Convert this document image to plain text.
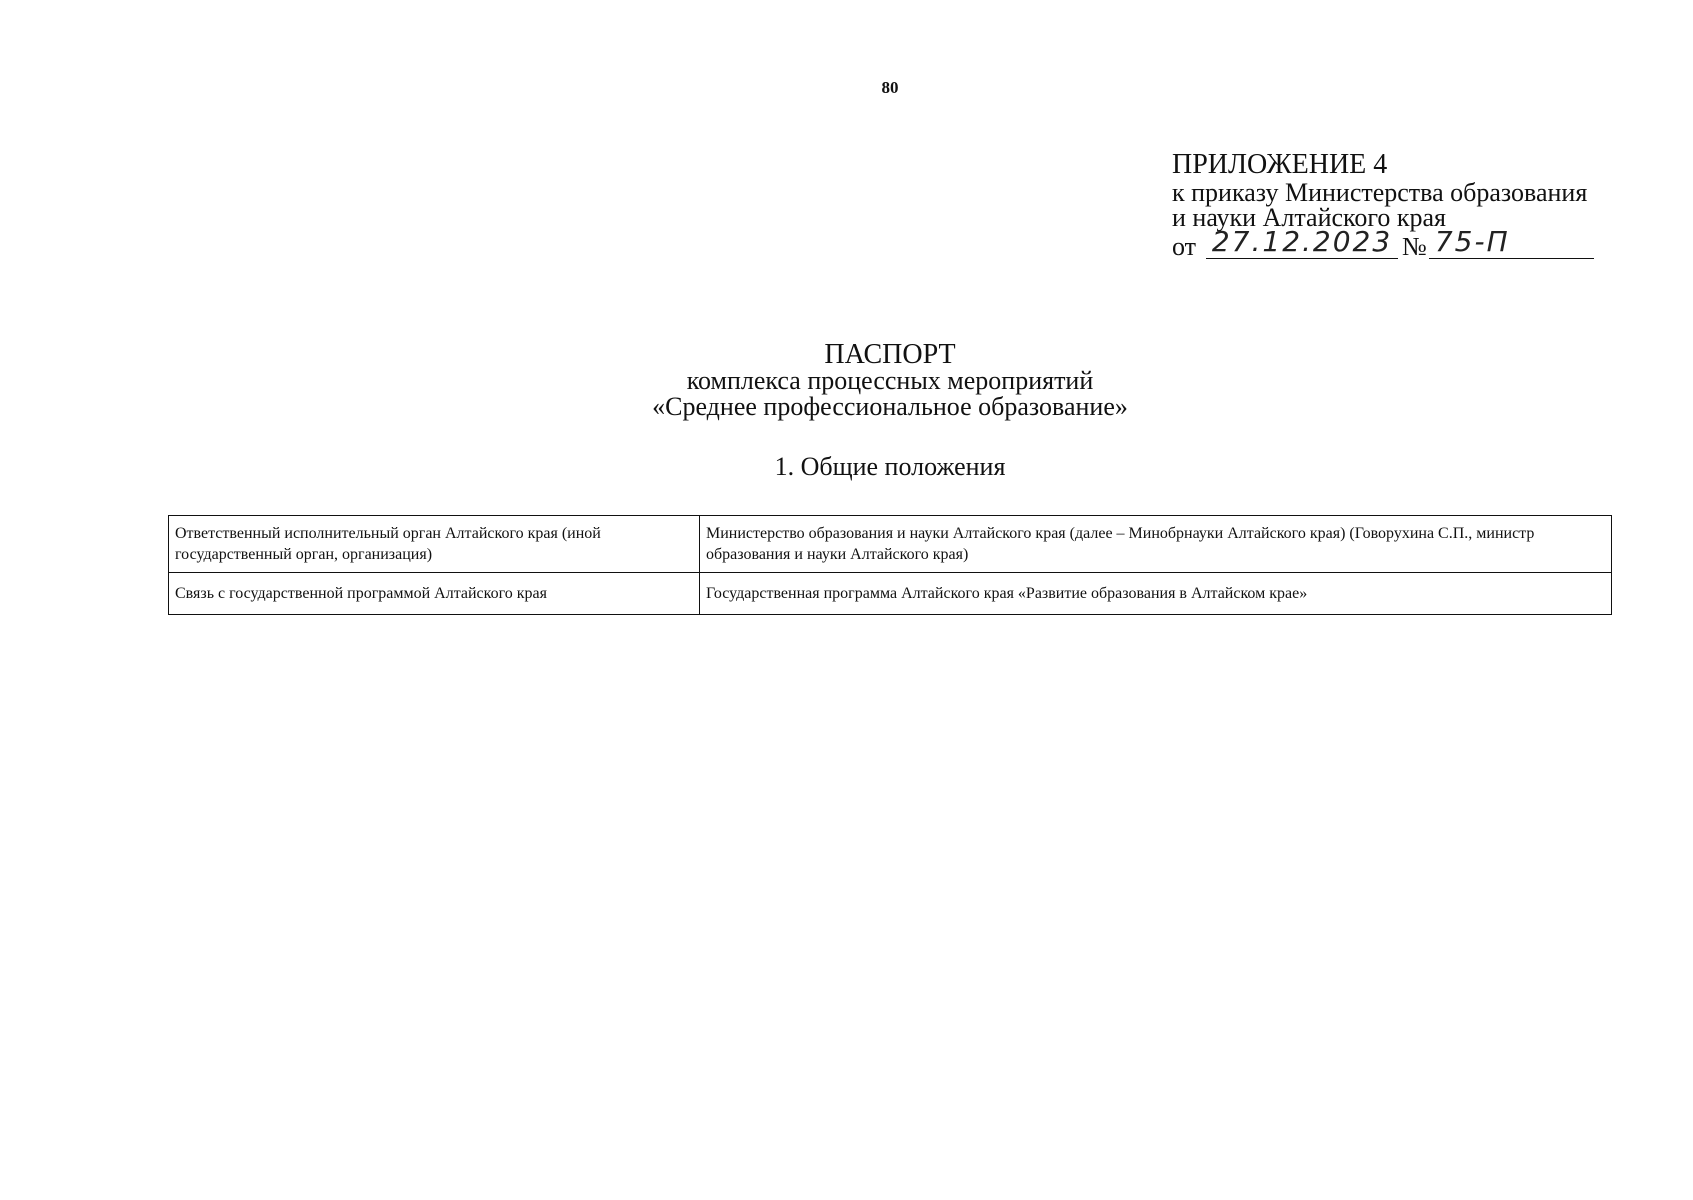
80
ПРИЛОЖЕНИЕ 4
к приказу Министерства образования
и науки Алтайского края
от 27.12.2023 № 75-П
ПАСПОРТ
комплекса процессных мероприятий
«Среднее профессиональное образование»
1. Общие положения
Ответственный исполнительный орган Алтайского края (иной государственный орган, организация)	Министерство образования и науки Алтайского края (далее – Минобрнауки Алтайского края) (Говорухина С.П., министр образования и науки Алтайского края)
Связь с государственной программой Алтайского края	Государственная программа Алтайского края «Развитие образования в Алтайском крае»
